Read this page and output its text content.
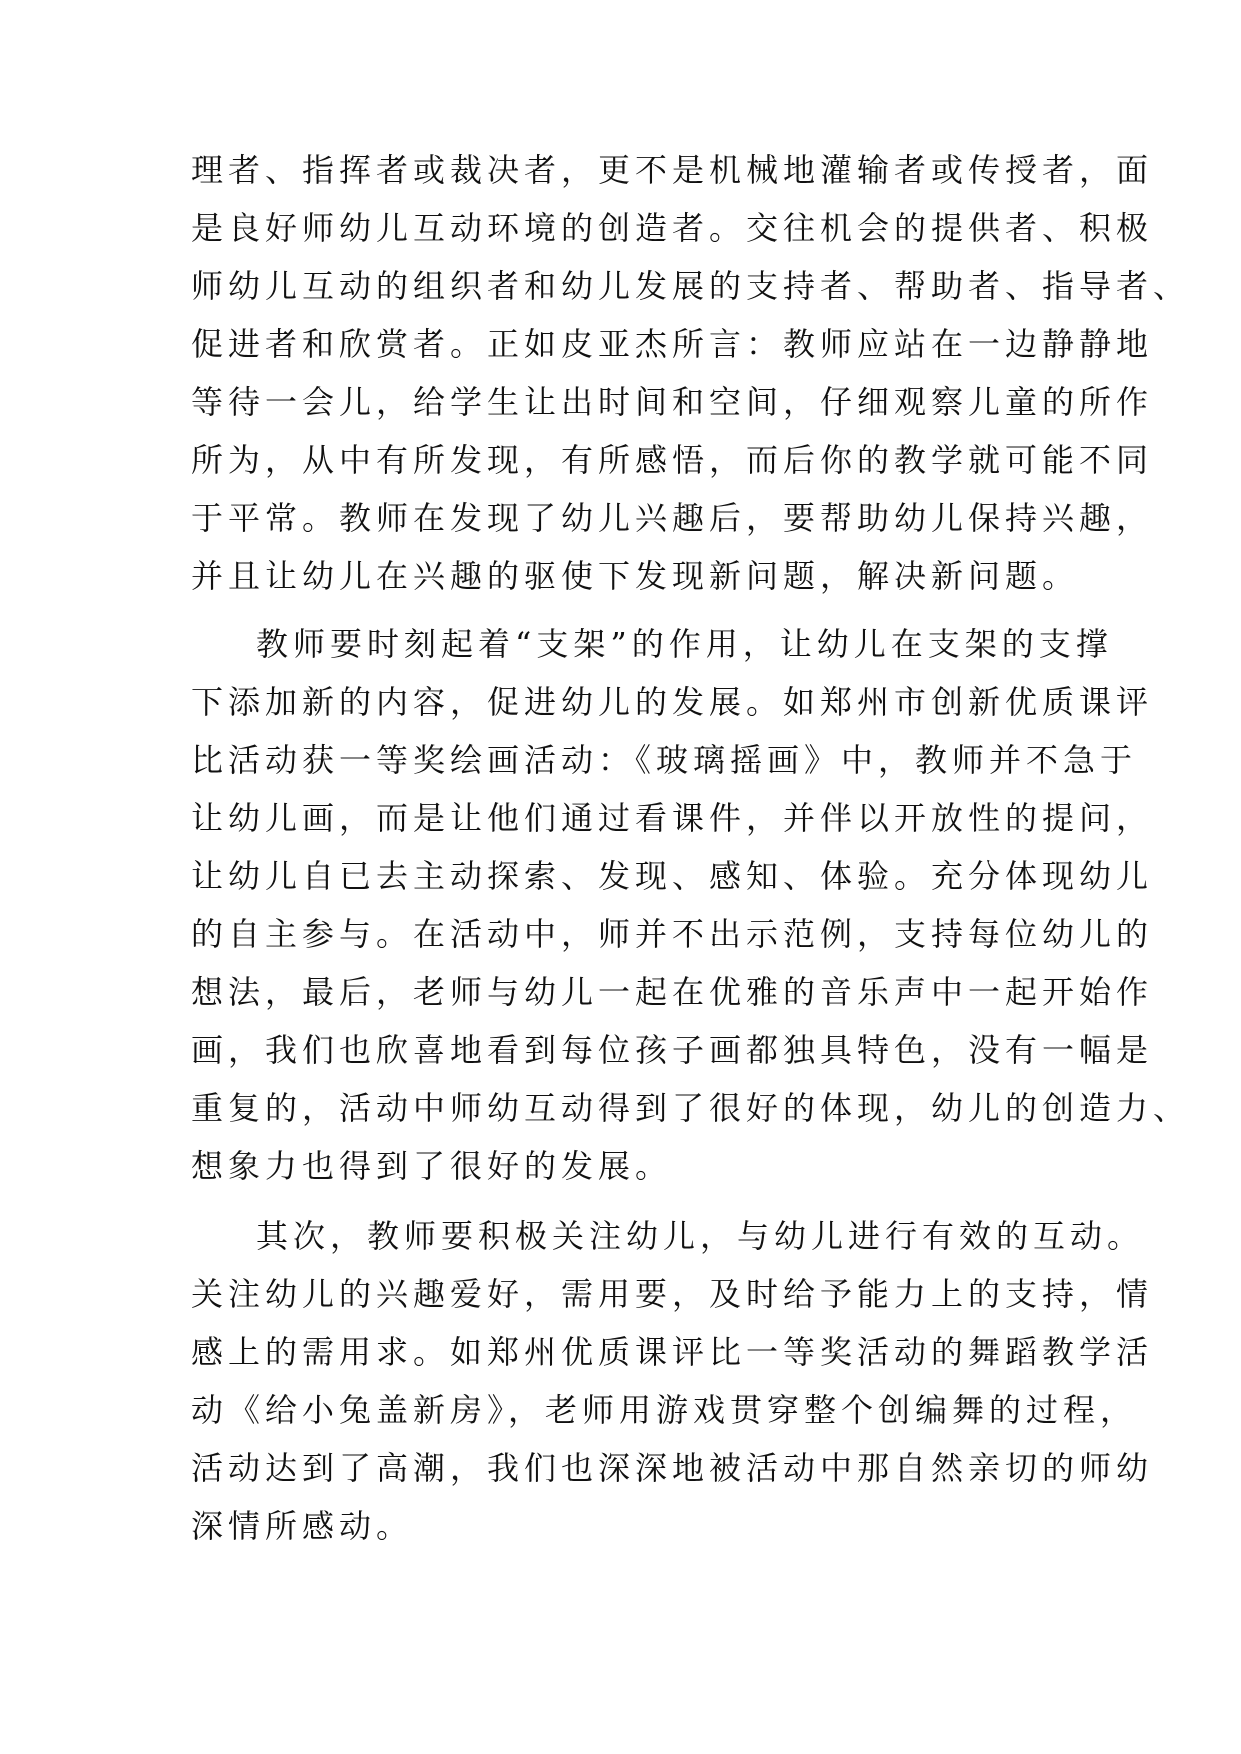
理者、指挥者或裁决者，更不是机械地灌输者或传授者，面
是良好师幼儿互动环境的创造者。交往机会的提供者、积极
师幼儿互动的组织者和幼儿发展的支持者、帮助者、指导者、
促进者和欣赏者。正如皮亚杰所言：教师应站在一边静静地
等待一会儿，给学生让出时间和空间，仔细观察儿童的所作
所为，从中有所发现，有所感悟，而后你的教学就可能不同
于平常。教师在发现了幼儿兴趣后，要帮助幼儿保持兴趣，
并且让幼儿在兴趣的驱使下发现新问题，解决新问题。
教师要时刻起着“支架”的作用，让幼儿在支架的支撑
下添加新的内容，促进幼儿的发展。如郑州市创新优质课评
比活动获一等奖绘画活动：《玻璃摇画》中，教师并不急于
让幼儿画，而是让他们通过看课件，并伴以开放性的提问，
让幼儿自已去主动探索、发现、感知、体验。充分体现幼儿
的自主参与。在活动中，师并不出示范例，支持每位幼儿的
想法，最后，老师与幼儿一起在优雅的音乐声中一起开始作
画，我们也欣喜地看到每位孩子画都独具特色，没有一幅是
重复的，活动中师幼互动得到了很好的体现，幼儿的创造力、
想象力也得到了很好的发展。
其次，教师要积极关注幼儿，与幼儿进行有效的互动。
关注幼儿的兴趣爱好，需用要，及时给予能力上的支持，情
感上的需用求。如郑州优质课评比一等奖活动的舞蹈教学活
动《给小兔盖新房》，老师用游戏贯穿整个创编舞的过程，
活动达到了高潮，我们也深深地被活动中那自然亲切的师幼
深情所感动。
